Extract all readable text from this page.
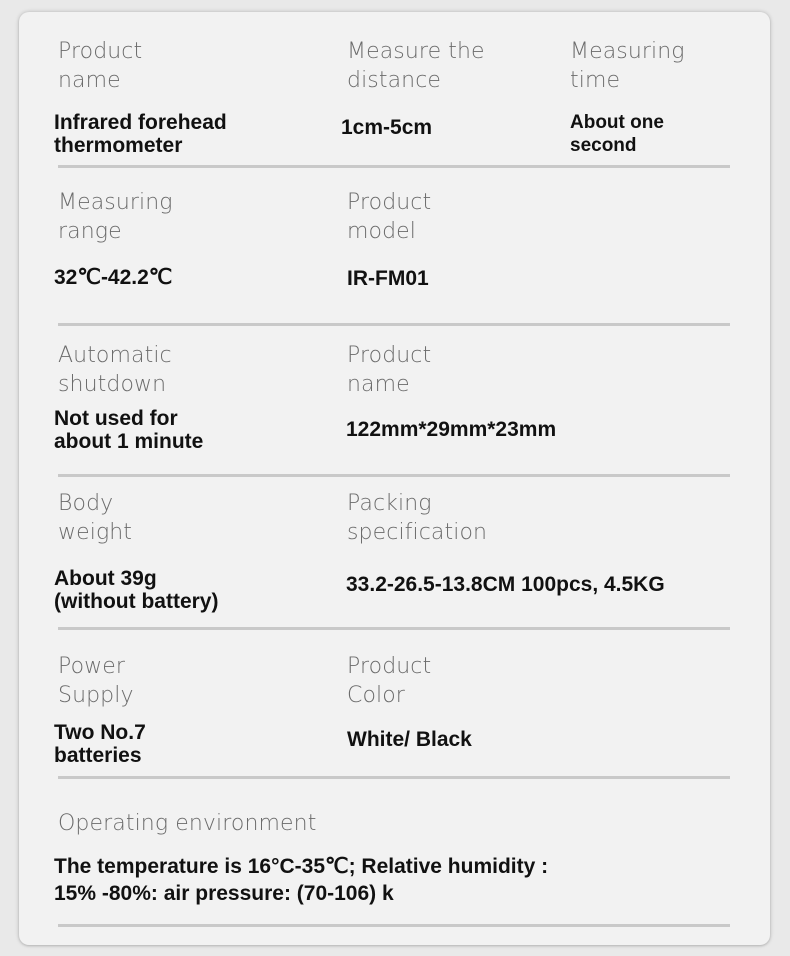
Product
name
Infrared forehead
thermometer
Measure the
distance
1cm-5cm
Measuring
time
About one
second
Measuring
range
32℃-42.2℃
Product
model
IR-FM01
Automatic
shutdown
Not used for
about 1 minute
Product
name
122mm*29mm*23mm
Body
weight
About 39g
(without battery)
Packing
specification
33.2-26.5-13.8CM 100pcs, 4.5KG
Power
Supply
Two No.7
batteries
Product
Color
White/ Black
Operating environment
The temperature is 16°C-35℃; Relative humidity :
15% -80%: air pressure: (70-106) k
